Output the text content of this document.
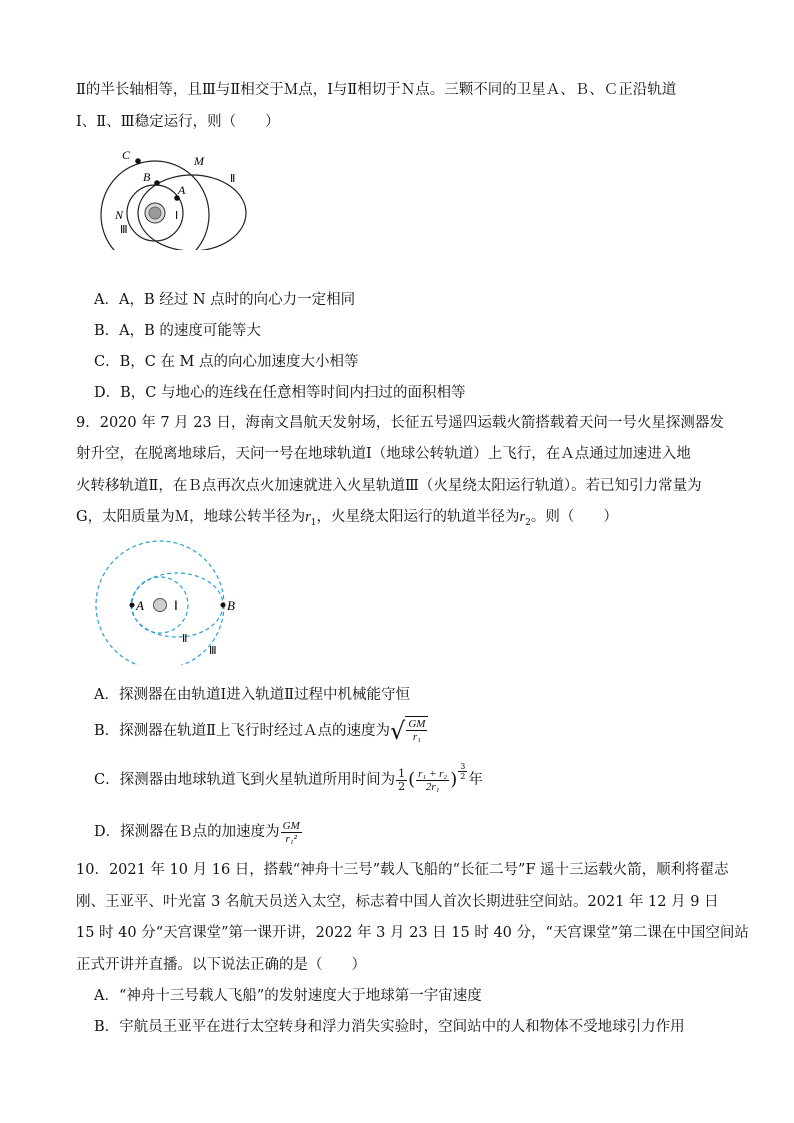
Ⅱ的半长轴相等，且Ⅲ与Ⅱ相交于Ｍ点，Ⅰ与Ⅱ相切于Ｎ点。三颗不同的卫星Ａ、Ｂ、Ｃ正沿轨道
Ⅰ、Ⅱ、Ⅲ稳定运行，则（　　）
C	M
B
A
Ⅱ
N	Ⅰ
Ⅲ
A．A，B 经过 N 点时的向心力一定相同
B．A，B 的速度可能等大
C．B，C 在 M 点的向心加速度大小相等
D．B，C 与地心的连线在任意相等时间内扫过的面积相等
9．2020 年 7 月 23 日，海南文昌航天发射场，长征五号遥四运载火箭搭载着天问一号火星探测器发
射升空，在脱离地球后，天问一号在地球轨道Ⅰ（地球公转轨道）上飞行，在Ａ点通过加速进入地
火转移轨道Ⅱ，在Ｂ点再次点火加速就进入火星轨道Ⅲ（火星绕太阳运行轨道）。若已知引力常量为
G，太阳质量为Ｍ，地球公转半径为$r_1$，火星绕太阳运行的轨道半径为$r_2$。则（　　）
A Ⅰ	B
Ⅱ
Ⅲ
A．探测器在由轨道Ⅰ进入轨道Ⅱ过程中机械能守恒
B．探测器在轨道Ⅱ上飞行时经过Ａ点的速度为 √ $\frac{GM}{\text{r₁}}$
C．探测器由地球轨道飞到火星轨道所用时间为 $\frac{1}{2}$ ( $\frac{\text{r₁ + r₂}}{\text{2r₁}}$ ) $\frac{3}{2}$ 年
D．探测器在Ｂ点的加速度为 $\frac{GM}{\text{r₁²}}$
10．2021 年 10 月 16 日，搭载“神舟十三号”载人飞船的“长征二号”F 遥十三运载火箭，顺利将翟志
刚、王亚平、叶光富 3 名航天员送入太空，标志着中国人首次长期进驻空间站。2021 年 12 月 9 日
15 时 40 分“天宫课堂”第一课开讲，2022 年 3 月 23 日 15 时 40 分，“天宫课堂”第二课在中国空间站
正式开讲并直播。以下说法正确的是（　　）
A．“神舟十三号载人飞船”的发射速度大于地球第一宇宙速度
B．宇航员王亚平在进行太空转身和浮力消失实验时，空间站中的人和物体不受地球引力作用
